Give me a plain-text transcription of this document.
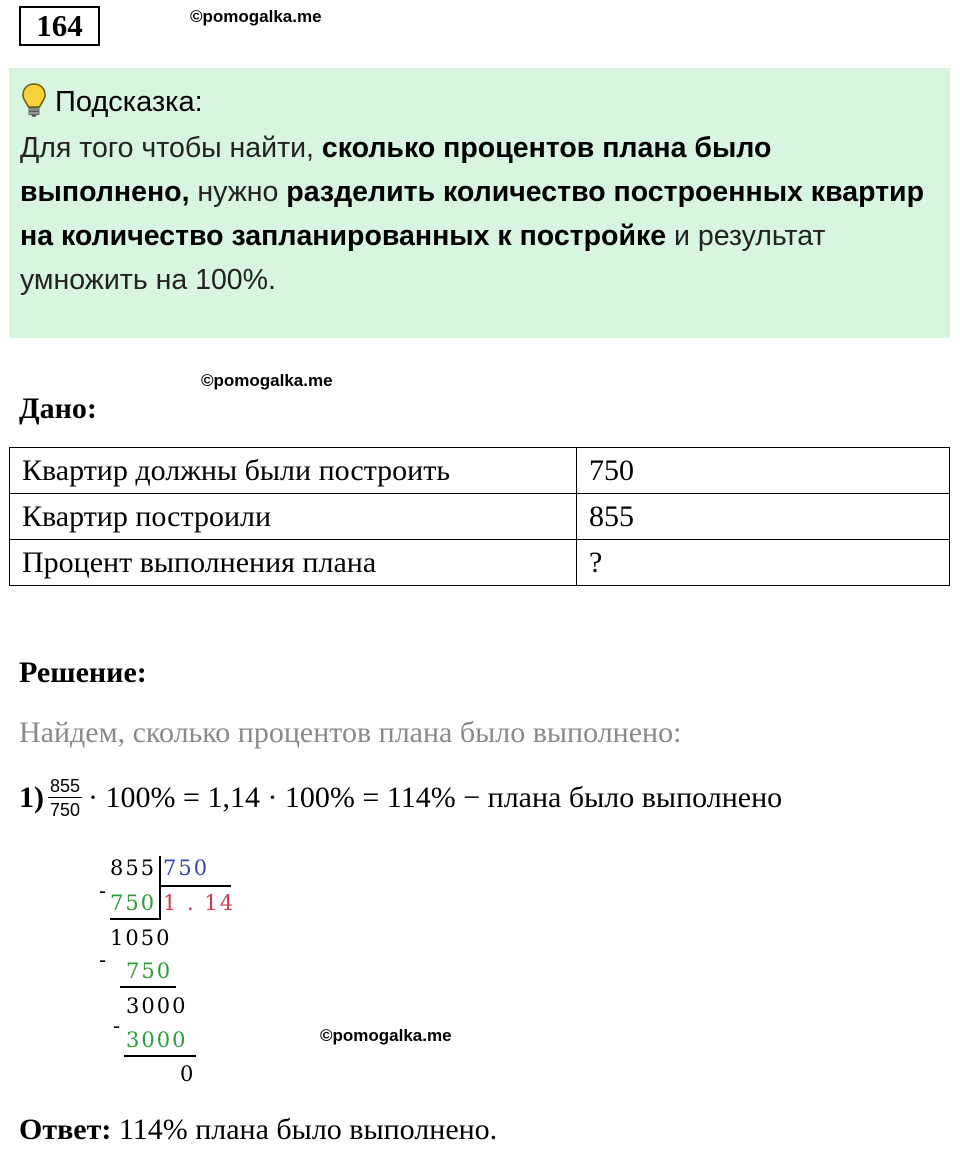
164	©pomogalka.me
Подсказка:
Для того чтобы найти, сколько процентов плана было выполнено, нужно разделить количество построенных квартир на количество запланированных к постройке и результат умножить на 100%.
©pomogalka.me
Дано:
Квартир должны были построить	750
Квартир построили	855
Процент выполнения плана	?
Решение:
Найдем, сколько процентов плана было выполнено:
$1) \frac{855}{750} \cdot 100\% = 1,14 \cdot 100\% = 114\%$ − плана было выполнено
855 750
- 750 1 . 14
1050
- 750
3000
-
3000
0
©pomogalka.me
Ответ: 114% плана было выполнено.
